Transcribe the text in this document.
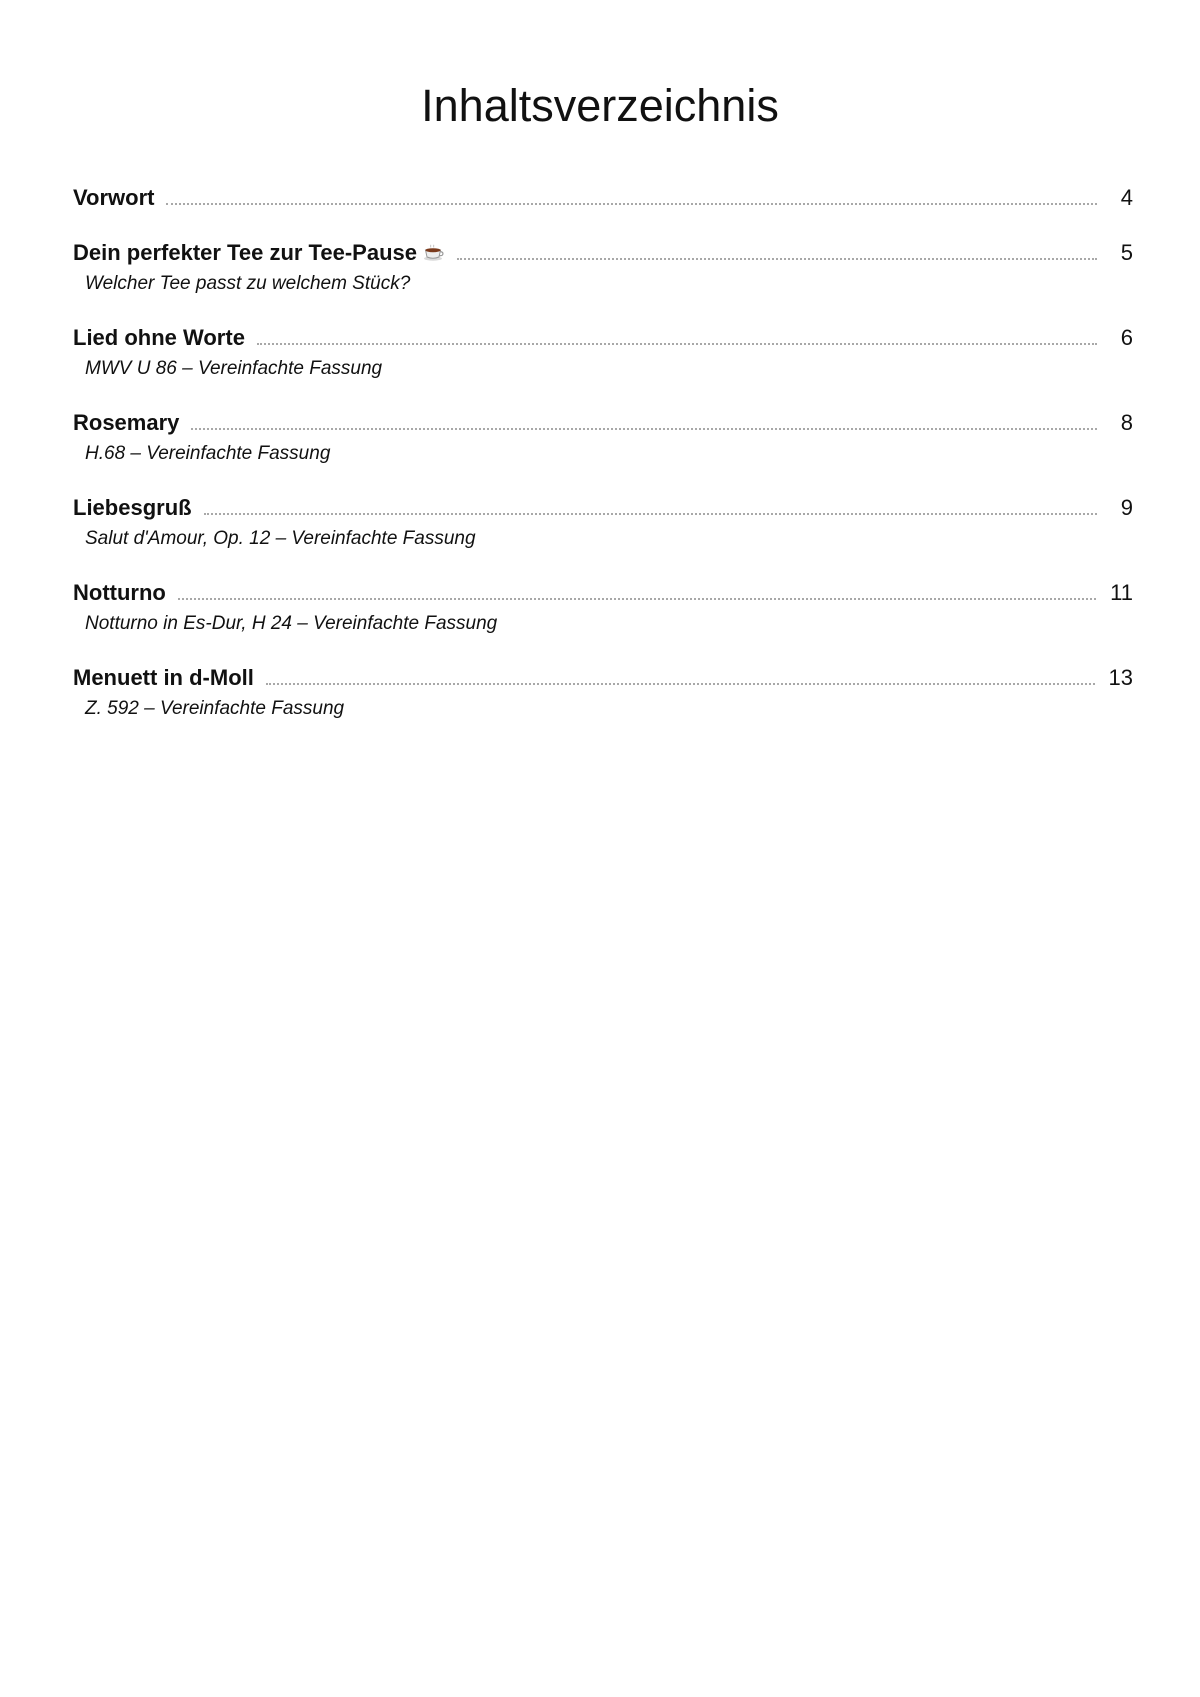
Inhaltsverzeichnis
Vorwort	4
Dein perfekter Tee zur Tee-Pause	5
Welcher Tee passt zu welchem Stück?
Lied ohne Worte	6
MWV U 86 – Vereinfachte Fassung
Rosemary	8
H.68 – Vereinfachte Fassung
Liebesgruß	9
Salut d'Amour, Op. 12 – Vereinfachte Fassung
Notturno	11
Notturno in Es-Dur, H 24 – Vereinfachte Fassung
Menuett in d-Moll	13
Z. 592 – Vereinfachte Fassung
